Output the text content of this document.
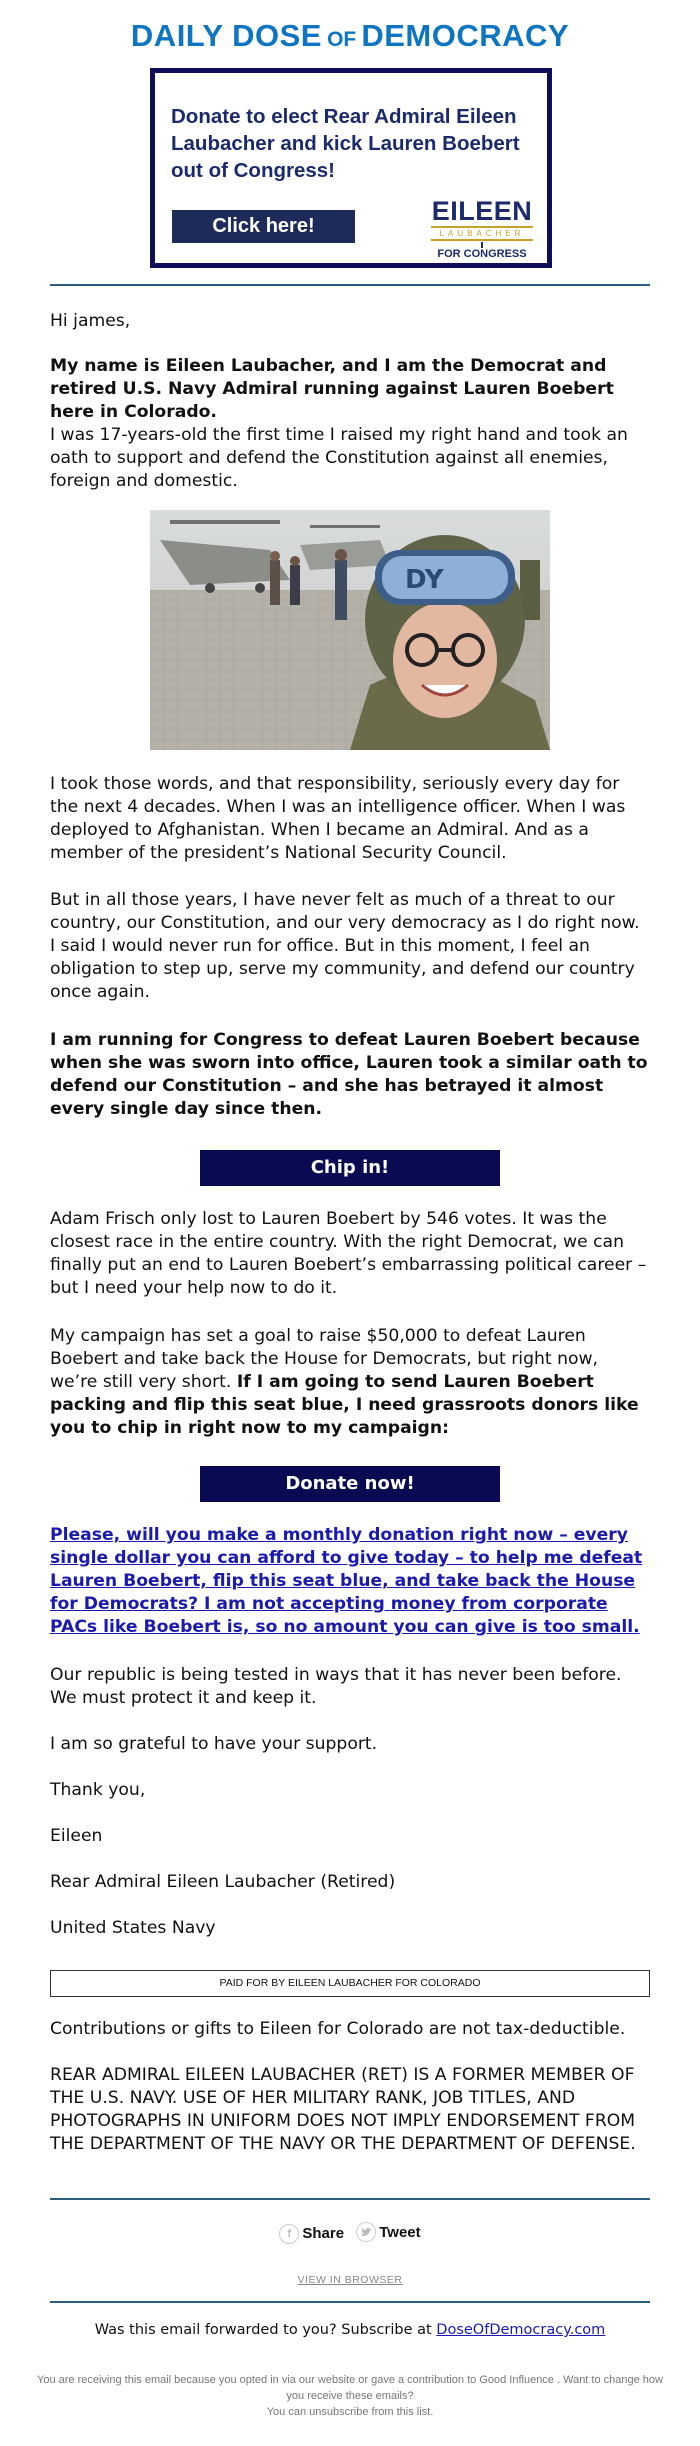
DAILY DOSE OF DEMOCRACY
Donate to elect Rear Admiral Eileen Laubacher and kick Lauren Boebert out of Congress!
Click here!	EILEEN
LAUBACHER
FOR CONGRESS
Hi james,
My name is Eileen Laubacher, and I am the Democrat and retired U.S. Navy Admiral running against Lauren Boebert here in Colorado.
I was 17-years-old the first time I raised my right hand and took an oath to support and defend the Constitution against all enemies, foreign and domestic.
DY
I took those words, and that responsibility, seriously every day for the next 4 decades. When I was an intelligence officer. When I was deployed to Afghanistan. When I became an Admiral. And as a member of the president’s National Security Council.
But in all those years, I have never felt as much of a threat to our country, our Constitution, and our very democracy as I do right now. I said I would never run for office. But in this moment, I feel an obligation to step up, serve my community, and defend our country once again.
I am running for Congress to defeat Lauren Boebert because when she was sworn into office, Lauren took a similar oath to defend our Constitution – and she has betrayed it almost every single day since then.
Chip in!
Adam Frisch only lost to Lauren Boebert by 546 votes. It was the closest race in the entire country. With the right Democrat, we can finally put an end to Lauren Boebert’s embarrassing political career – but I need your help now to do it.
My campaign has set a goal to raise $50,000 to defeat Lauren Boebert and take back the House for Democrats, but right now, we’re still very short. If I am going to send Lauren Boebert packing and flip this seat blue, I need grassroots donors like you to chip in right now to my campaign:
Donate now!
Please, will you make a monthly donation right now – every single dollar you can afford to give today – to help me defeat Lauren Boebert, flip this seat blue, and take back the House for Democrats? I am not accepting money from corporate PACs like Boebert is, so no amount you can give is too small.
Our republic is being tested in ways that it has never been before. We must protect it and keep it.
I am so grateful to have your support.
Thank you,
Eileen
Rear Admiral Eileen Laubacher (Retired)
United States Navy
PAID FOR BY EILEEN LAUBACHER FOR COLORADO
Contributions or gifts to Eileen for Colorado are not tax-deductible.
REAR ADMIRAL EILEEN LAUBACHER (RET) IS A FORMER MEMBER OF THE U.S. NAVY. USE OF HER MILITARY RANK, JOB TITLES, AND PHOTOGRAPHS IN UNIFORM DOES NOT IMPLY ENDORSEMENT FROM THE DEPARTMENT OF THE NAVY OR THE DEPARTMENT OF DEFENSE.
f Share
Tweet
VIEW IN BROWSER
Was this email forwarded to you? Subscribe at DoseOfDemocracy.com
You are receiving this email because you opted in via our website or gave a contribution to Good Influence . Want to change how you receive these emails?
You can unsubscribe from this list.
